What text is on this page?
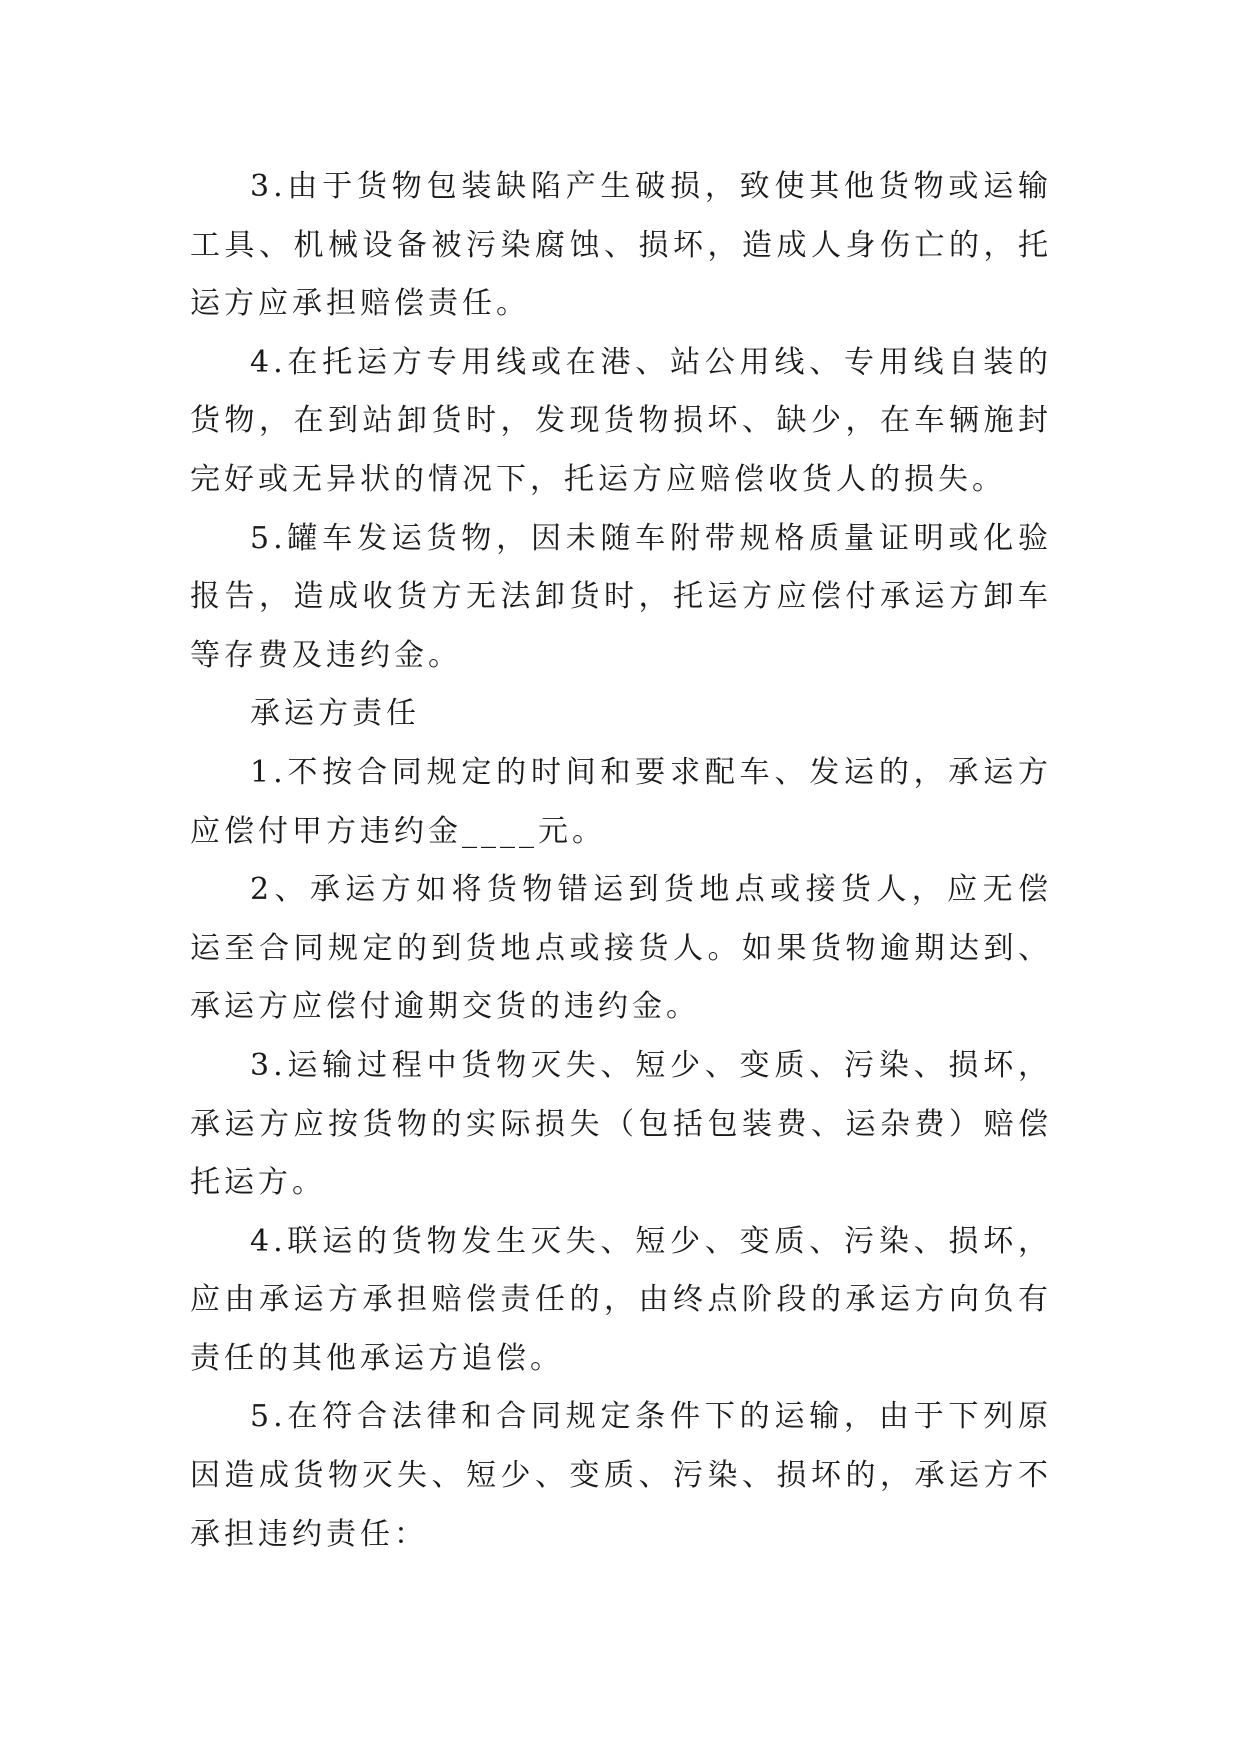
3.由于货物包装缺陷产生破损，致使其他货物或运输工具、机械设备被污染腐蚀、损坏，造成人身伤亡的，托运方应承担赔偿责任。

4.在托运方专用线或在港、站公用线、专用线自装的货物，在到站卸货时，发现货物损坏、缺少，在车辆施封完好或无异状的情况下，托运方应赔偿收货人的损失。

5.罐车发运货物，因未随车附带规格质量证明或化验报告，造成收货方无法卸货时，托运方应偿付承运方卸车等存费及违约金。

承运方责任

1.不按合同规定的时间和要求配车、发运的，承运方应偿付甲方违约金____元。

2、承运方如将货物错运到货地点或接货人，应无偿运至合同规定的到货地点或接货人。如果货物逾期达到、承运方应偿付逾期交货的违约金。

3.运输过程中货物灭失、短少、变质、污染、损坏，承运方应按货物的实际损失（包括包装费、运杂费）赔偿托运方。

4.联运的货物发生灭失、短少、变质、污染、损坏，应由承运方承担赔偿责任的，由终点阶段的承运方向负有责任的其他承运方追偿。

5.在符合法律和合同规定条件下的运输，由于下列原因造成货物灭失、短少、变质、污染、损坏的，承运方不承担违约责任：
